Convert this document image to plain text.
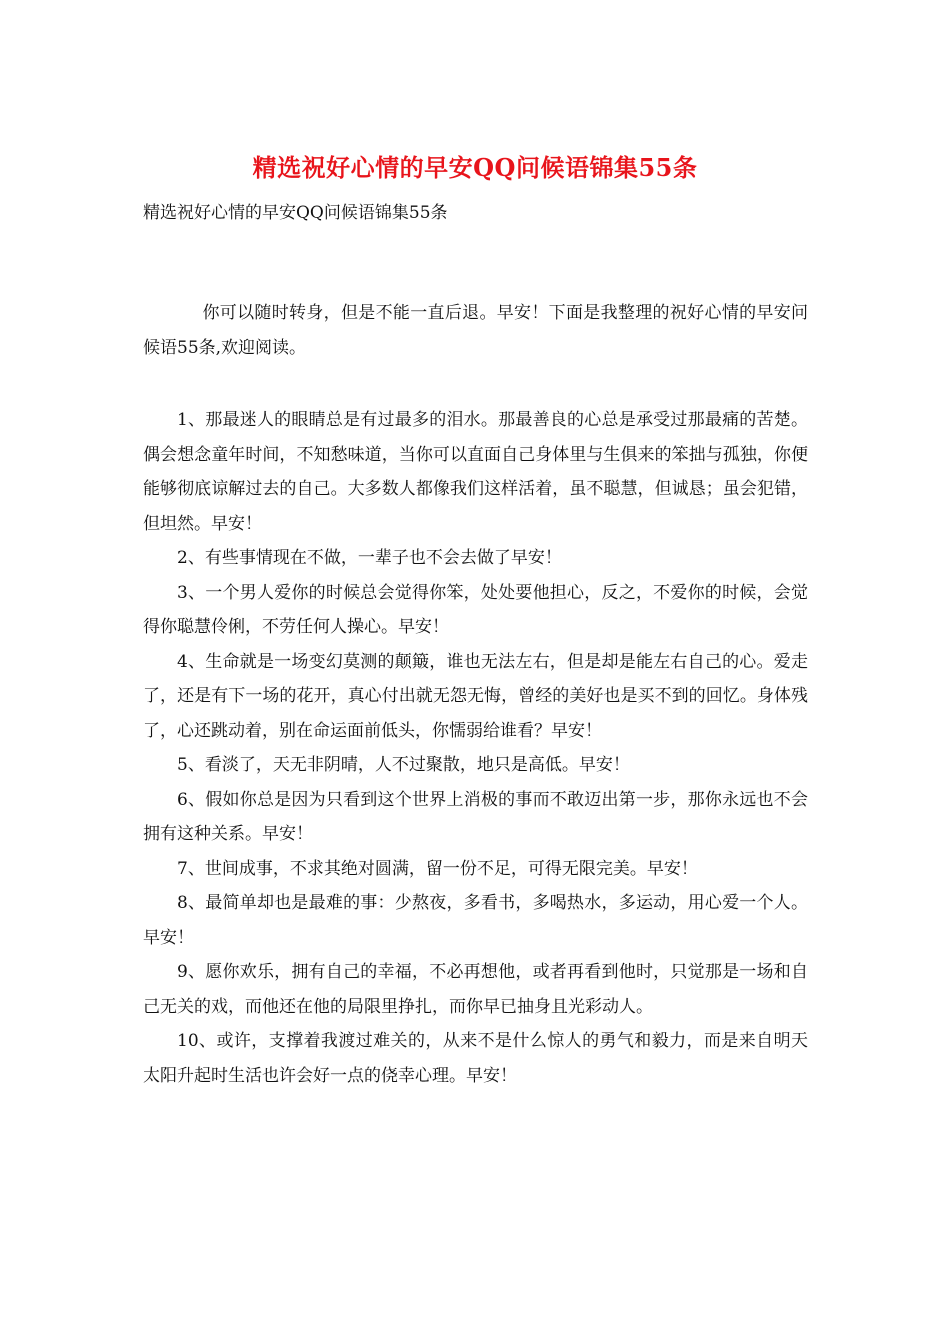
精选祝好心情的早安QQ问候语锦集55条
精选祝好心情的早安QQ问候语锦集55条

你可以随时转身，但是不能一直后退。早安！下面是我整理的祝好心情的早安问候语55条,欢迎阅读。

1、那最迷人的眼睛总是有过最多的泪水。那最善良的心总是承受过那最痛的苦楚。偶会想念童年时间，不知愁味道，当你可以直面自己身体里与生俱来的笨拙与孤独，你便能够彻底谅解过去的自己。大多数人都像我们这样活着，虽不聪慧，但诚恳；虽会犯错，但坦然。早安！

2、有些事情现在不做，一辈子也不会去做了早安！

3、一个男人爱你的时候总会觉得你笨，处处要他担心，反之，不爱你的时候，会觉得你聪慧伶俐，不劳任何人操心。早安！

4、生命就是一场变幻莫测的颠簸，谁也无法左右，但是却是能左右自己的心。爱走了，还是有下一场的花开，真心付出就无怨无悔，曾经的美好也是买不到的回忆。身体残了，心还跳动着，别在命运面前低头，你懦弱给谁看？早安！

5、看淡了，天无非阴晴，人不过聚散，地只是高低。早安！

6、假如你总是因为只看到这个世界上消极的事而不敢迈出第一步，那你永远也不会拥有这种关系。早安！

7、世间成事，不求其绝对圆满，留一份不足，可得无限完美。早安！

8、最简单却也是最难的事：少熬夜，多看书，多喝热水，多运动，用心爱一个人。早安！

9、愿你欢乐，拥有自己的幸福，不必再想他，或者再看到他时，只觉那是一场和自己无关的戏，而他还在他的局限里挣扎，而你早已抽身且光彩动人。

10、或许，支撑着我渡过难关的，从来不是什么惊人的勇气和毅力，而是来自明天太阳升起时生活也许会好一点的侥幸心理。早安！
